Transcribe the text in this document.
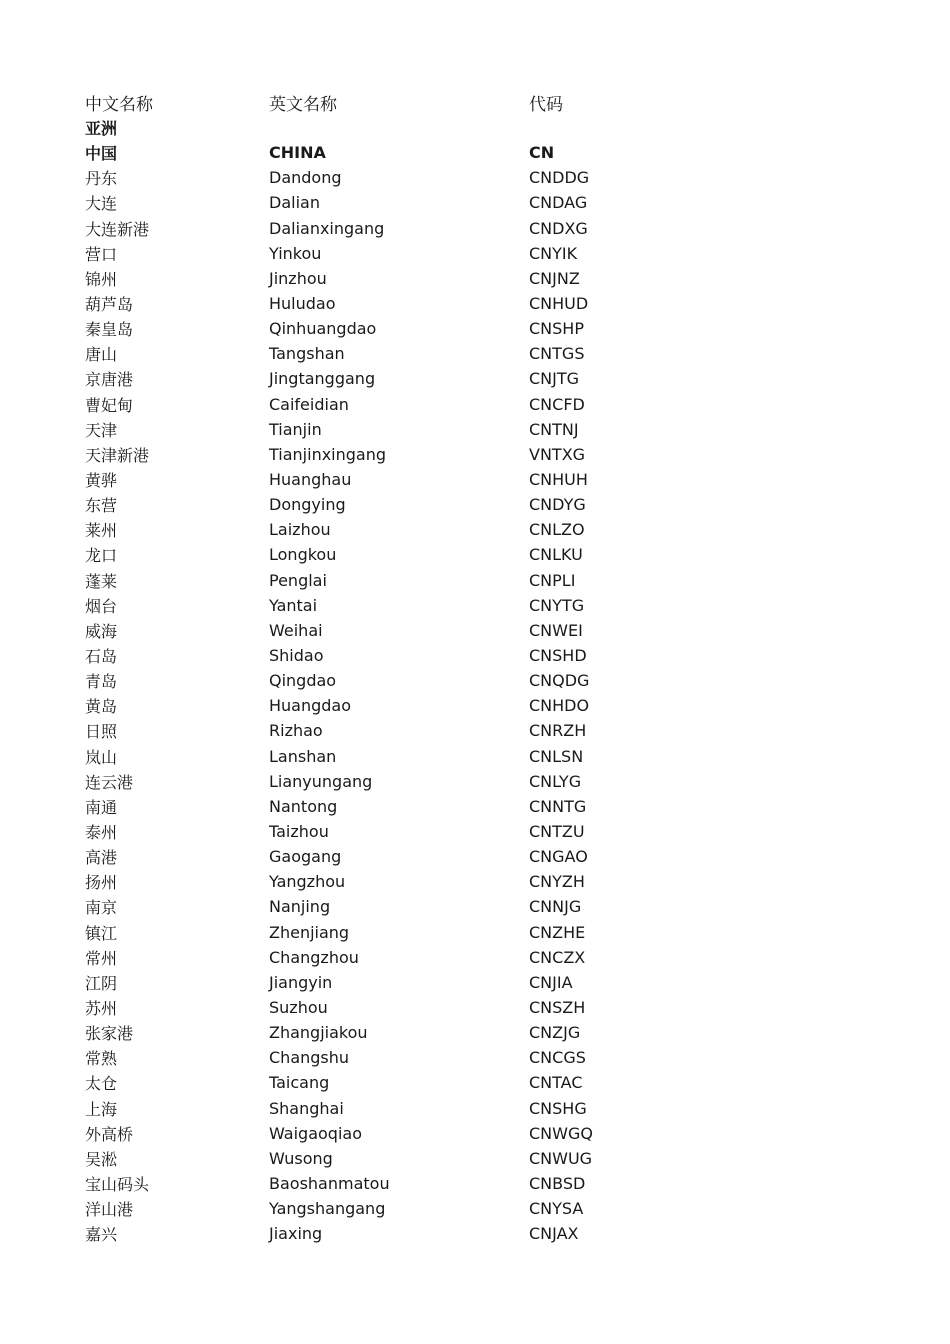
中文名称	英文名称	代码
亚洲
中国	CHINA	CN
丹东	Dandong	CNDDG
大连	Dalian	CNDAG
大连新港	Dalianxingang	CNDXG
营口	Yinkou	CNYIK
锦州	Jinzhou	CNJNZ
葫芦岛	Huludao	CNHUD
秦皇岛	Qinhuangdao	CNSHP
唐山	Tangshan	CNTGS
京唐港	Jingtanggang	CNJTG
曹妃甸	Caifeidian	CNCFD
天津	Tianjin	CNTNJ
天津新港	Tianjinxingang	VNTXG
黄骅	Huanghau	CNHUH
东营	Dongying	CNDYG
莱州	Laizhou	CNLZO
龙口	Longkou	CNLKU
蓬莱	Penglai	CNPLI
烟台	Yantai	CNYTG
威海	Weihai	CNWEI
石岛	Shidao	CNSHD
青岛	Qingdao	CNQDG
黄岛	Huangdao	CNHDO
日照	Rizhao	CNRZH
岚山	Lanshan	CNLSN
连云港	Lianyungang	CNLYG
南通	Nantong	CNNTG
泰州	Taizhou	CNTZU
高港	Gaogang	CNGAO
扬州	Yangzhou	CNYZH
南京	Nanjing	CNNJG
镇江	Zhenjiang	CNZHE
常州	Changzhou	CNCZX
江阴	Jiangyin	CNJIA
苏州	Suzhou	CNSZH
张家港	Zhangjiakou	CNZJG
常熟	Changshu	CNCGS
太仓	Taicang	CNTAC
上海	Shanghai	CNSHG
外高桥	Waigaoqiao	CNWGQ
吴淞	Wusong	CNWUG
宝山码头	Baoshanmatou	CNBSD
洋山港	Yangshangang	CNYSA
嘉兴	Jiaxing	CNJAX
